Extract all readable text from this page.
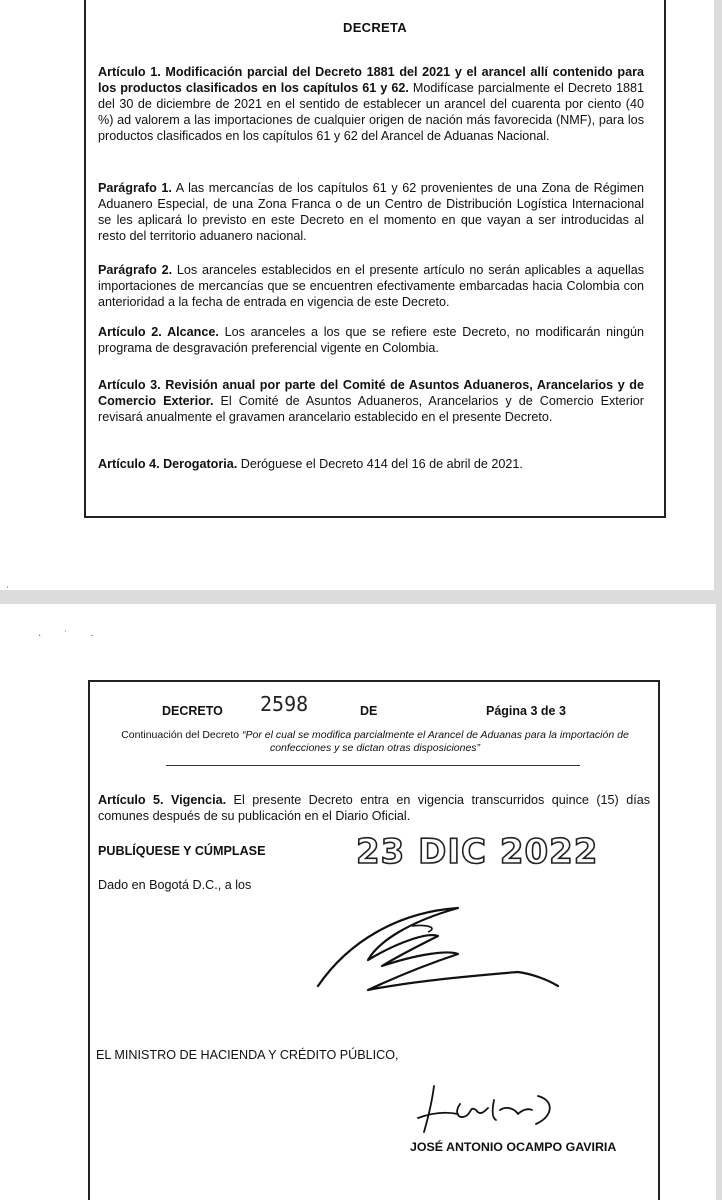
DECRETA
Artículo 1. Modificación parcial del Decreto 1881 del 2021 y el arancel allí contenido para los productos clasificados en los capítulos 61 y 62. Modifícase parcialmente el Decreto 1881 del 30 de diciembre de 2021 en el sentido de establecer un arancel del cuarenta por ciento (40 %) ad valorem a las importaciones de cualquier origen de nación más favorecida (NMF), para los productos clasificados en los capítulos 61 y 62 del Arancel de Aduanas Nacional.
Parágrafo 1. A las mercancías de los capítulos 61 y 62 provenientes de una Zona de Régimen Aduanero Especial, de una Zona Franca o de un Centro de Distribución Logística Internacional se les aplicará lo previsto en este Decreto en el momento en que vayan a ser introducidas al resto del territorio aduanero nacional.
Parágrafo 2. Los aranceles establecidos en el presente artículo no serán aplicables a aquellas importaciones de mercancías que se encuentren efectivamente embarcadas hacia Colombia con anterioridad a la fecha de entrada en vigencia de este Decreto.
Artículo 2. Alcance. Los aranceles a los que se refiere este Decreto, no modificarán ningún programa de desgravación preferencial vigente en Colombia.
Artículo 3. Revisión anual por parte del Comité de Asuntos Aduaneros, Arancelarios y de Comercio Exterior. El Comité de Asuntos Aduaneros, Arancelarios y de Comercio Exterior revisará anualmente el gravamen arancelario establecido en el presente Decreto.
Artículo 4. Derogatoria. Deróguese el Decreto 414 del 16 de abril de 2021.
ˌ
· ˙ ·
DECRETO 2598	DE	Página 3 de 3
Continuación del Decreto “Por el cual se modifica parcialmente el Arancel de Aduanas para la importación de confecciones y se dictan otras disposiciones”
Artículo 5. Vigencia. El presente Decreto entra en vigencia transcurridos quince (15) días comunes después de su publicación en el Diario Oficial.
PUBLÍQUESE Y CÚMPLASE	23 DIC 2022
Dado en Bogotá D.C., a los
EL MINISTRO DE HACIENDA Y CRÉDITO PÚBLICO,
JOSÉ ANTONIO OCAMPO GAVIRIA
